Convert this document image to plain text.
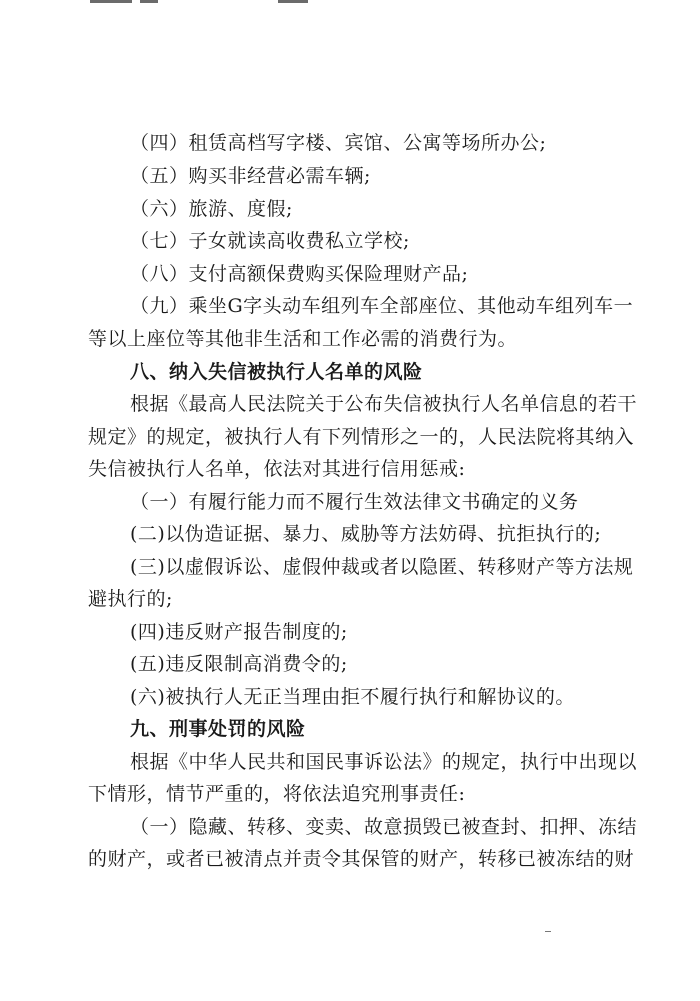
（四）租赁高档写字楼、宾馆、公寓等场所办公;
（五）购买非经营必需车辆;
（六）旅游、度假;
（七）子女就读高收费私立学校;
（八）支付高额保费购买保险理财产品;
（九）乘坐G字头动车组列车全部座位、其他动车组列车一
等以上座位等其他非生活和工作必需的消费行为。
八、纳入失信被执行人名单的风险
根据《最高人民法院关于公布失信被执行人名单信息的若干
规定》的规定，被执行人有下列情形之一的，人民法院将其纳入
失信被执行人名单，依法对其进行信用惩戒:
（一）有履行能力而不履行生效法律文书确定的义务
(二)以伪造证据、暴力、威胁等方法妨碍、抗拒执行的;
(三)以虚假诉讼、虚假仲裁或者以隐匿、转移财产等方法规
避执行的;
(四)违反财产报告制度的;
(五)违反限制高消费令的;
(六)被执行人无正当理由拒不履行执行和解协议的。
九、刑事处罚的风险
根据《中华人民共和国民事诉讼法》的规定，执行中出现以
下情形，情节严重的，将依法追究刑事责任:
（一）隐藏、转移、变卖、故意损毁已被查封、扣押、冻结
的财产，或者已被清点并责令其保管的财产，转移已被冻结的财
